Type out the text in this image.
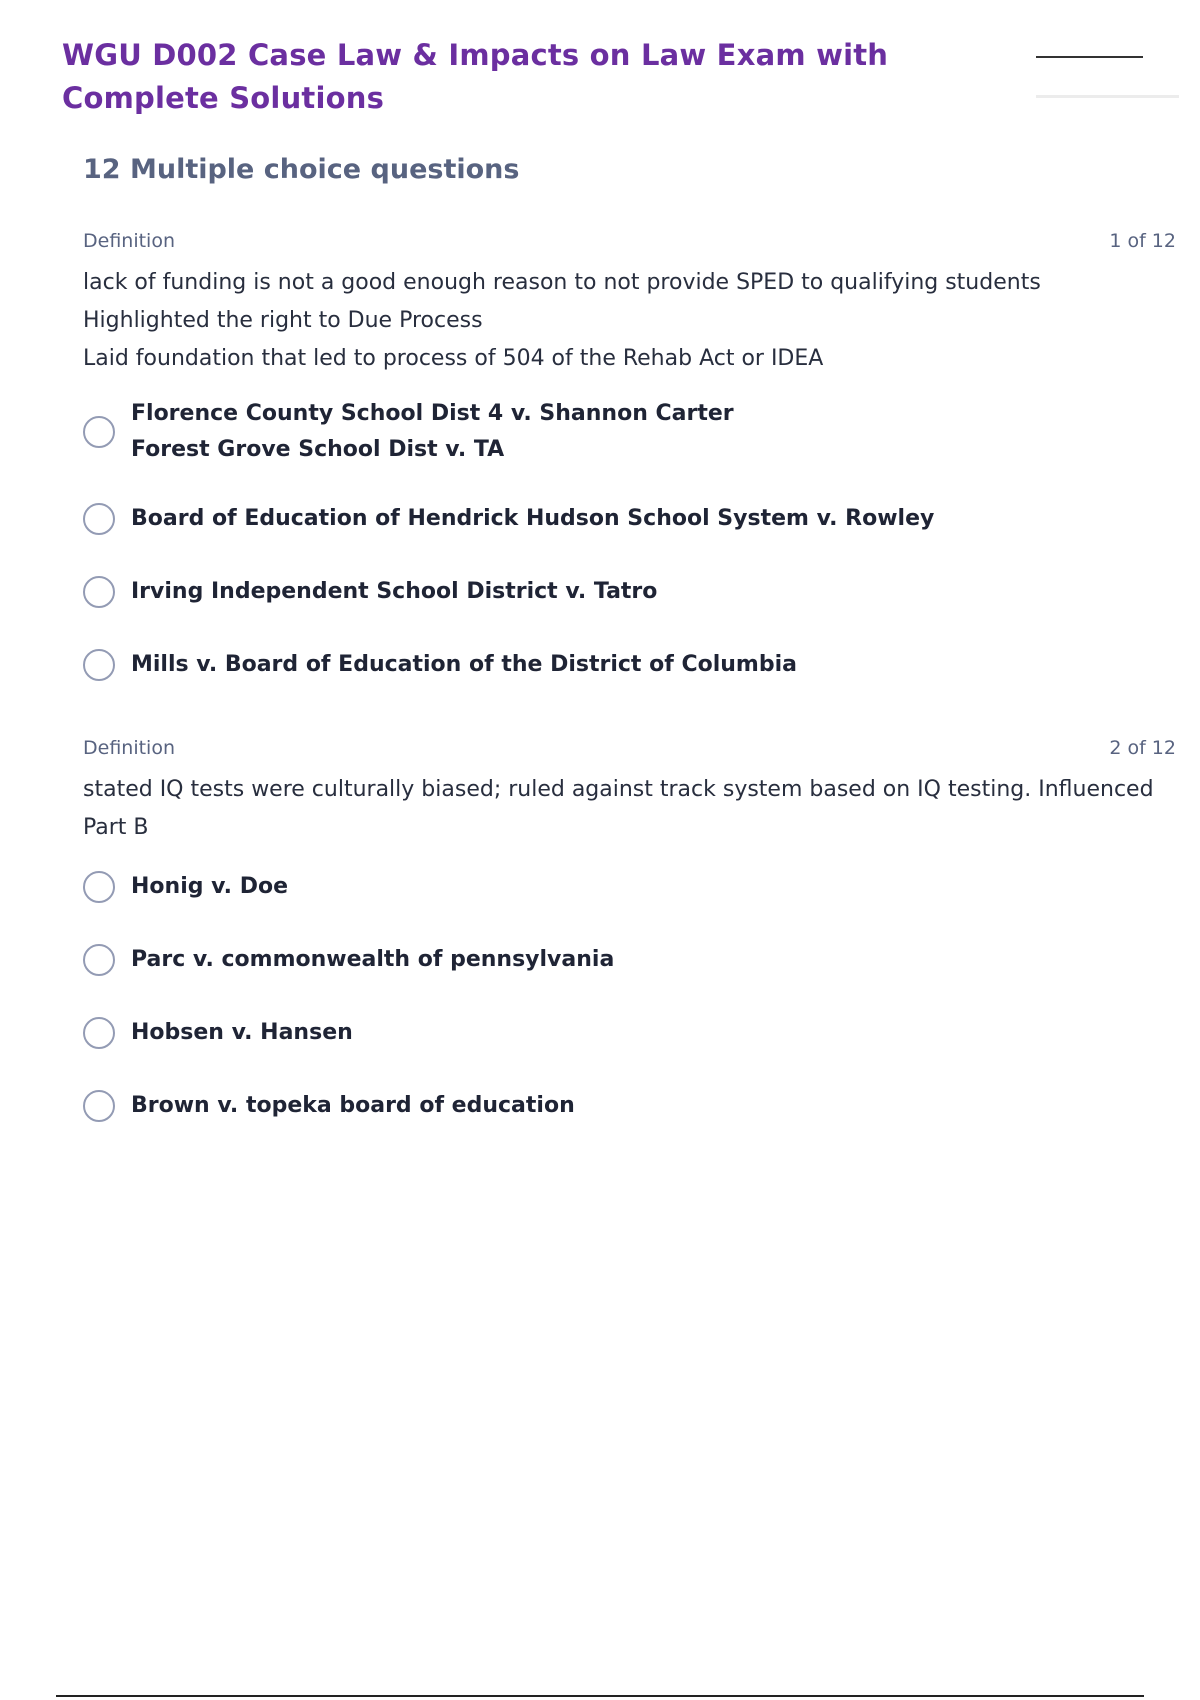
WGU D002 Case Law & Impacts on Law Exam with Complete Solutions
12 Multiple choice questions
Definition	1 of 12
lack of funding is not a good enough reason to not provide SPED to qualifying students
Highlighted the right to Due Process
Laid foundation that led to process of 504 of the Rehab Act or IDEA
Florence County School Dist 4 v. Shannon Carter
Forest Grove School Dist v. TA
Board of Education of Hendrick Hudson School System v. Rowley
Irving Independent School District v. Tatro
Mills v. Board of Education of the District of Columbia
Definition	2 of 12
stated IQ tests were culturally biased; ruled against track system based on IQ testing. Influenced
Part B
Honig v. Doe
Parc v. commonwealth of pennsylvania
Hobsen v. Hansen
Brown v. topeka board of education
